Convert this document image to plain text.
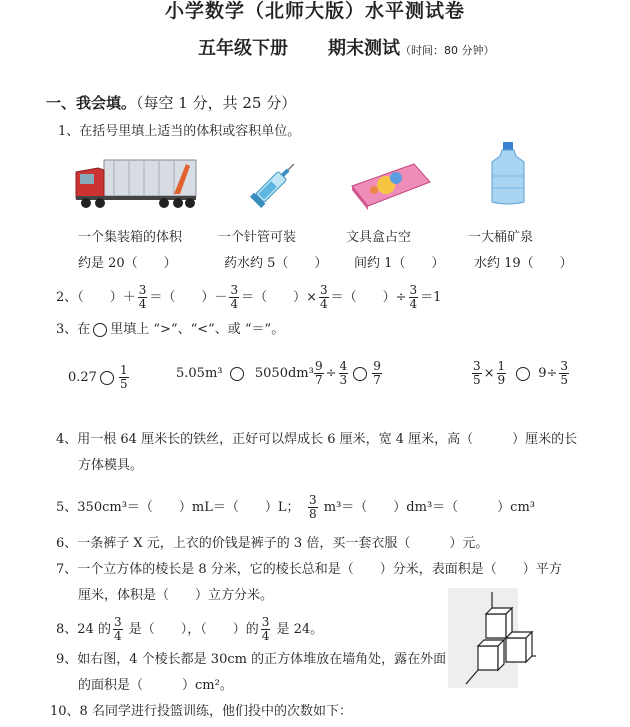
小学数学（北师大版）水平测试卷
五年级下册 期末测试（时间：80 分钟）
一、我会填。（每空 1 分，共 25 分）
1、在括号里填上适当的体积或容积单位。
一个集装箱的体积	一个针管可装	文具盒占空	一大桶矿泉
约是 20（　　）	药水约 5（　　） 间约 1（　　） 水约 19（　　）
2、（　　）＋ $\frac{3}{4}$ ＝（　　）－ $\frac{3}{4}$ ＝（　　）× $\frac{3}{4}$ ＝（　　）÷ $\frac{3}{4} =1$
3、在 里填上 “>”、“<”、或 “＝”。
$0.27 \frac{1}{5}$	5.05m³   $5050dm^3 \frac{9}{7} \div \frac{4}{3} \frac{9}{7}$	$\frac{3}{5} \times \frac{1}{9} 9\div \frac{3}{5}$
4、用一根 64 厘米长的铁丝，正好可以焊成长 6 厘米，宽 4 厘米，高（　　　）厘米的长
方体模具。
5、350cm³＝（　　）mL＝（　　）L；　 $\frac{3}{8} m^3=$（　　）dm³＝（　　　）cm³
6、一条裤子 X 元，上衣的价钱是裤子的 3 倍，买一套衣服（　　　）元。
7、一个立方体的棱长是 8 分米，它的棱长总和是（　　）分米，表面积是（　　）平方
厘米，体积是（　　）立方分米。
8、24 的 $\frac{3}{4}$ 是（　　），（　　）的 $\frac{3}{4}$ 是 24。
9、如右图，4 个棱长都是 30cm 的正方体堆放在墙角处，露在外面
的面积是（　　　）cm²。
10、8 名同学进行投篮训练，他们投中的次数如下：
